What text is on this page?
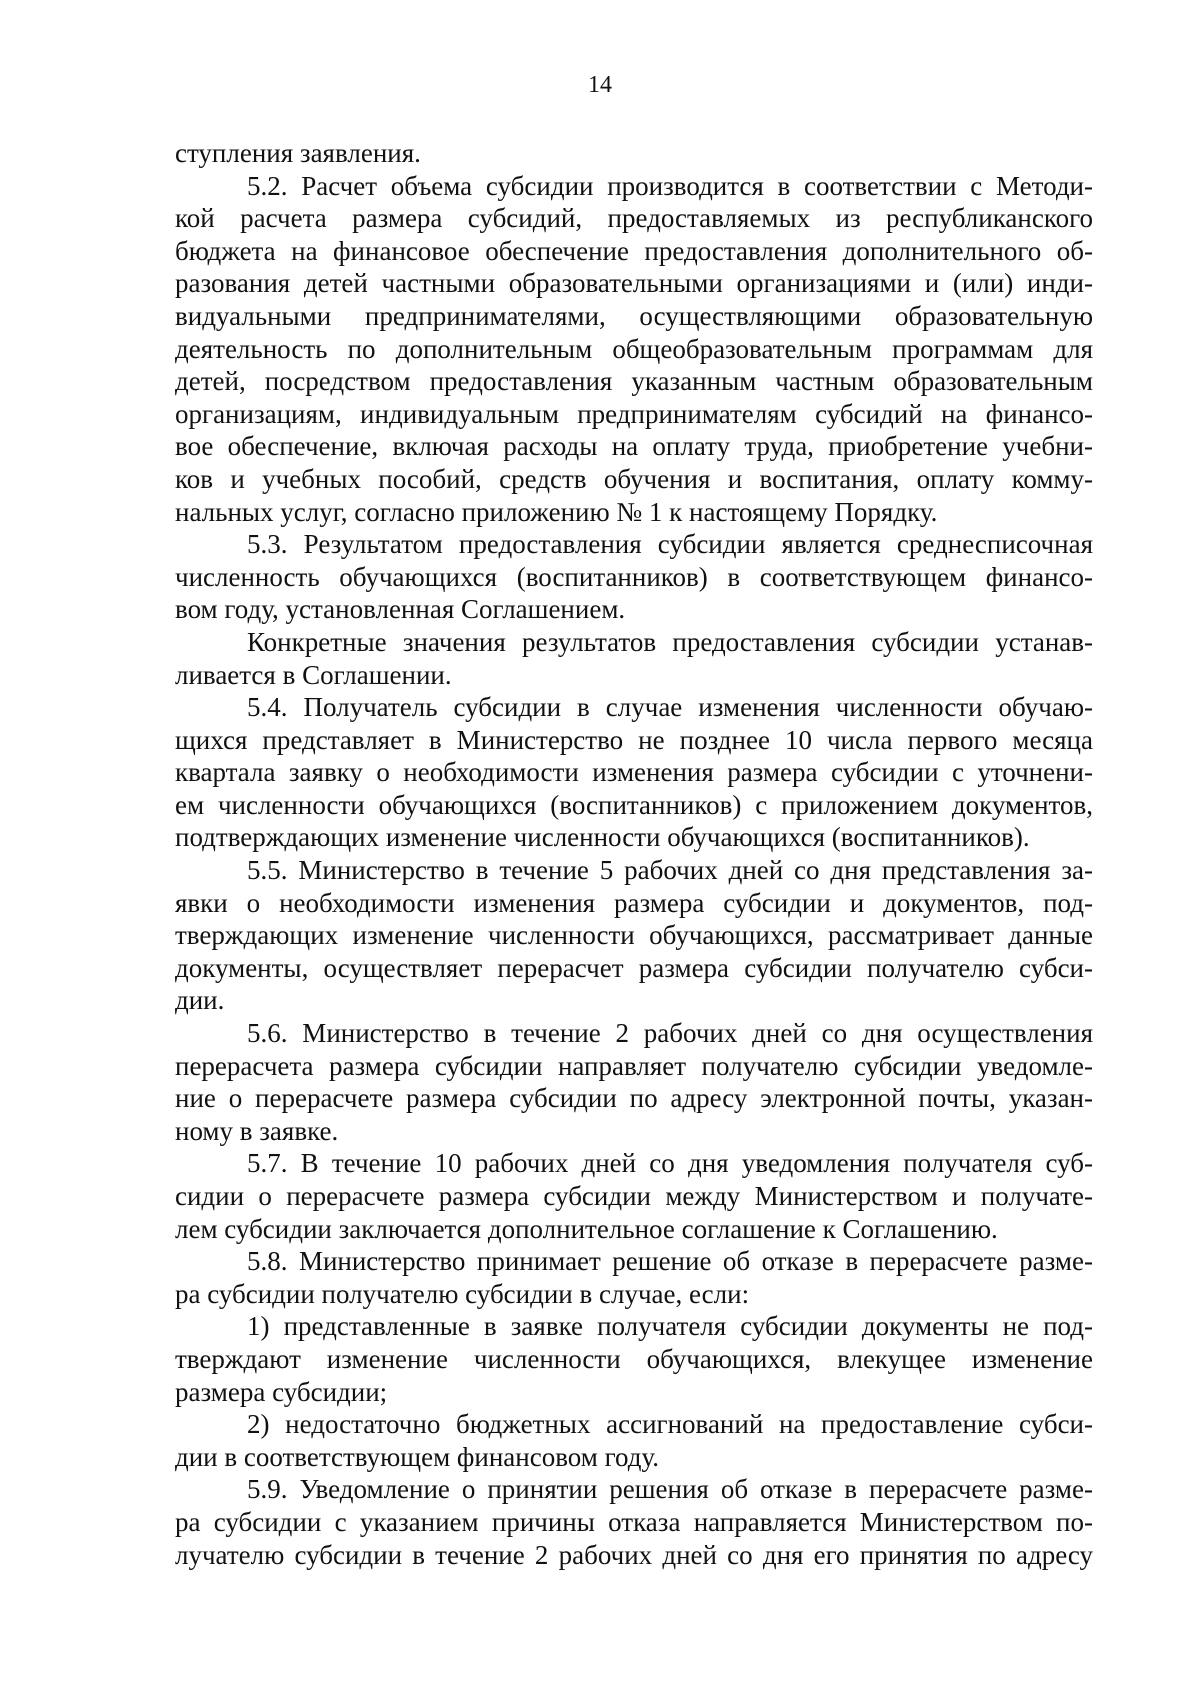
14
ступления заявления.
5.2. Расчет объема субсидии производится в соответствии с Методи-
кой расчета размера субсидий, предоставляемых из республиканского
бюджета на финансовое обеспечение предоставления дополнительного об-
разования детей частными образовательными организациями и (или) инди-
видуальными предпринимателями, осуществляющими образовательную
деятельность по дополнительным общеобразовательным программам для
детей, посредством предоставления указанным частным образовательным
организациям, индивидуальным предпринимателям субсидий на финансо-
вое обеспечение, включая расходы на оплату труда, приобретение учебни-
ков и учебных пособий, средств обучения и воспитания, оплату комму-
нальных услуг, согласно приложению № 1 к настоящему Порядку.
5.3. Результатом предоставления субсидии является среднесписочная
численность обучающихся (воспитанников) в соответствующем финансо-
вом году, установленная Соглашением.
Конкретные значения результатов предоставления субсидии устанав-
ливается в Соглашении.
5.4. Получатель субсидии в случае изменения численности обучаю-
щихся представляет в Министерство не позднее 10 числа первого месяца
квартала заявку о необходимости изменения размера субсидии с уточнени-
ем численности обучающихся (воспитанников) с приложением документов,
подтверждающих изменение численности обучающихся (воспитанников).
5.5. Министерство в течение 5 рабочих дней со дня представления за-
явки о необходимости изменения размера субсидии и документов, под-
тверждающих изменение численности обучающихся, рассматривает данные
документы, осуществляет перерасчет размера субсидии получателю субси-
дии.
5.6. Министерство в течение 2 рабочих дней со дня осуществления
перерасчета размера субсидии направляет получателю субсидии уведомле-
ние о перерасчете размера субсидии по адресу электронной почты, указан-
ному в заявке.
5.7. В течение 10 рабочих дней со дня уведомления получателя суб-
сидии о перерасчете размера субсидии между Министерством и получате-
лем субсидии заключается дополнительное соглашение к Соглашению.
5.8. Министерство принимает решение об отказе в перерасчете разме-
ра субсидии получателю субсидии в случае, если:
1) представленные в заявке получателя субсидии документы не под-
тверждают изменение численности обучающихся, влекущее изменение
размера субсидии;
2) недостаточно бюджетных ассигнований на предоставление субси-
дии в соответствующем финансовом году.
5.9. Уведомление о принятии решения об отказе в перерасчете разме-
ра субсидии с указанием причины отказа направляется Министерством по-
лучателю субсидии в течение 2 рабочих дней со дня его принятия по адресу
